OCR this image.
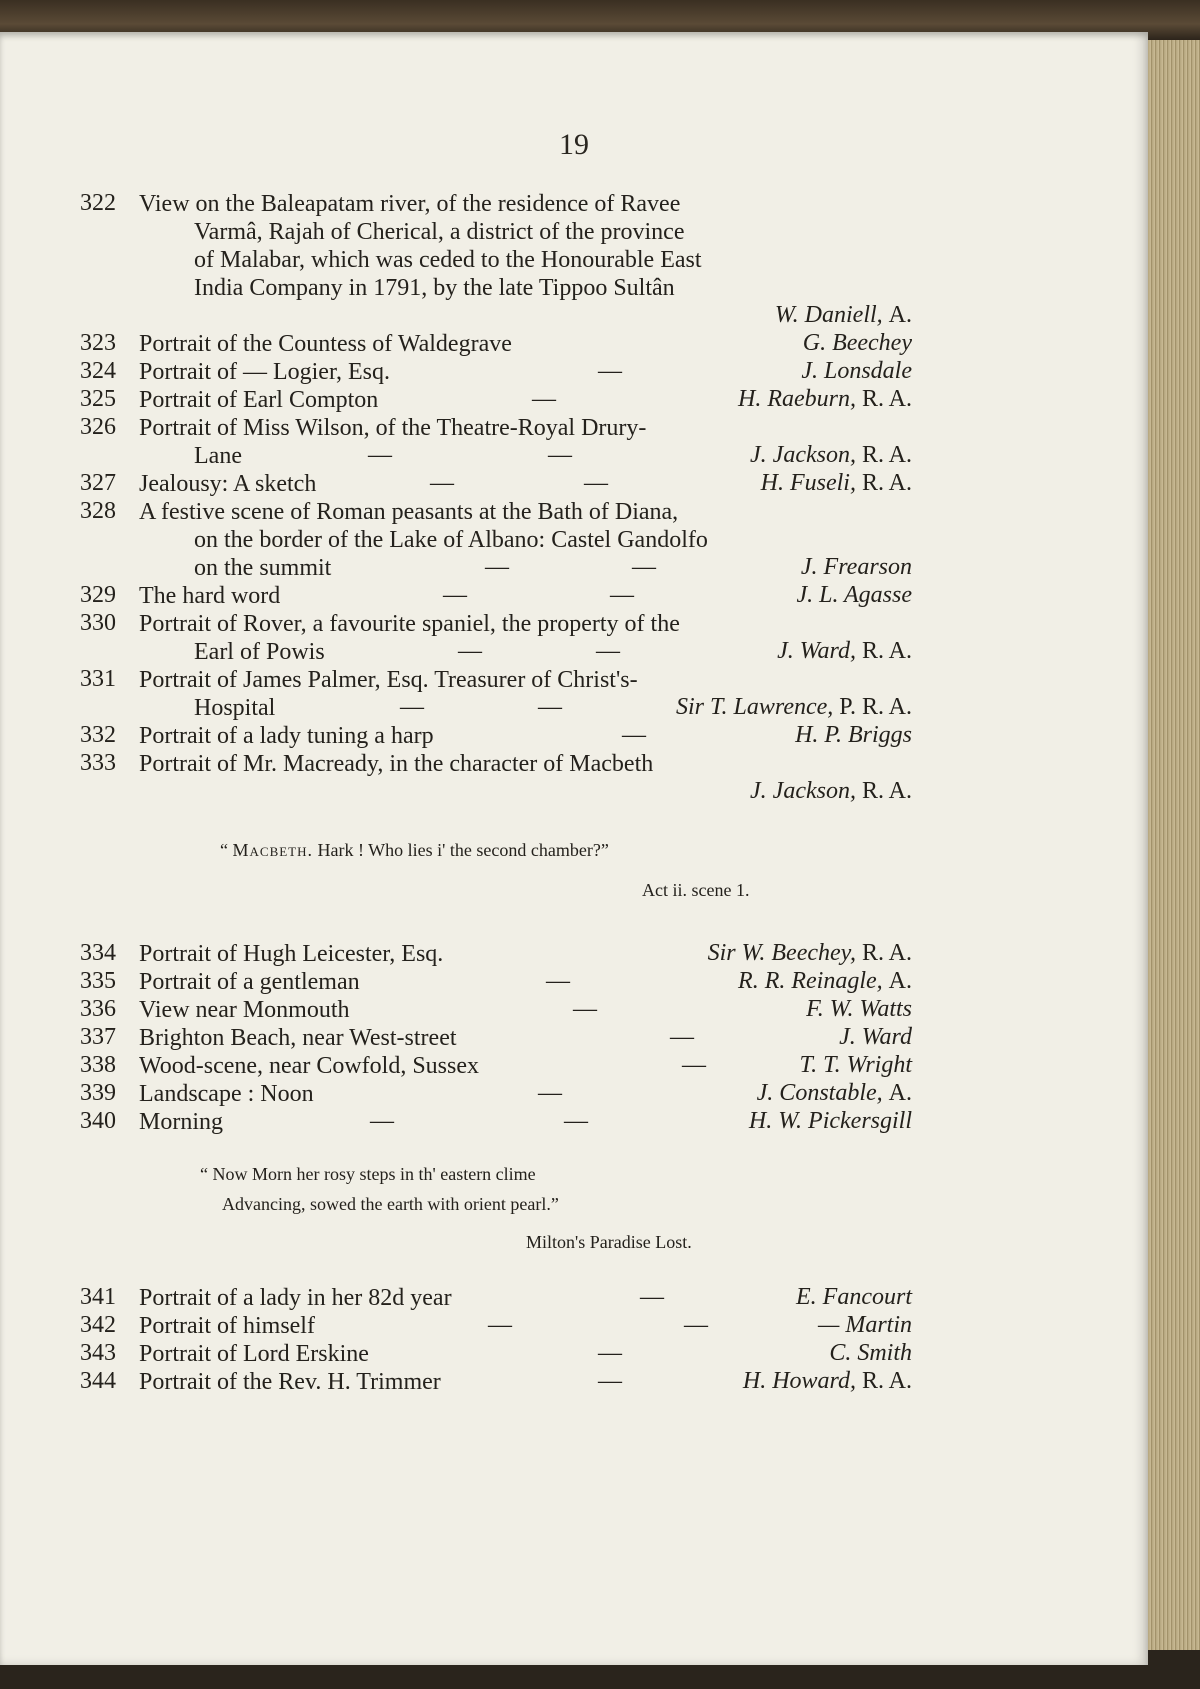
19
322 View on the Baleapatam river, of the residence of Ravee
Varmâ, Rajah of Cherical, a district of the province
of Malabar, which was ceded to the Honourable East
India Company in 1791, by the late Tippoo Sultân
W. Daniell, A.
323 Portrait of the Countess of Waldegrave	G. Beechey
324 Portrait of — Logier, Esq.	—	J. Lonsdale
325 Portrait of Earl Compton	—	H. Raeburn, R. A.
326 Portrait of Miss Wilson, of the Theatre-Royal Drury-
Lane	—	—	J. Jackson, R. A.
327 Jealousy: A sketch	—	—	H. Fuseli, R. A.
328 A festive scene of Roman peasants at the Bath of Diana,
on the border of the Lake of Albano: Castel Gandolfo
on the summit	—	—	J. Frearson
329 The hard word	—	—	J. L. Agasse
330 Portrait of Rover, a favourite spaniel, the property of the
Earl of Powis	—	—	J. Ward, R. A.
331 Portrait of James Palmer, Esq. Treasurer of Christ's-
Hospital	—	—	Sir T. Lawrence, P. R. A.
332 Portrait of a lady tuning a harp	—	H. P. Briggs
333 Portrait of Mr. Macready, in the character of Macbeth
J. Jackson, R. A.
“ Macbeth. Hark ! Who lies i' the second chamber?”
Act ii. scene 1.
334 Portrait of Hugh Leicester, Esq.	Sir W. Beechey, R. A.
335 Portrait of a gentleman	—	R. R. Reinagle, A.
336 View near Monmouth	—	F. W. Watts
337 Brighton Beach, near West-street	—	J. Ward
338 Wood-scene, near Cowfold, Sussex	—	T. T. Wright
339 Landscape : Noon	—	J. Constable, A.
340 Morning	—	—	H. W. Pickersgill
“ Now Morn her rosy steps in th' eastern clime
Advancing, sowed the earth with orient pearl.”
Milton's Paradise Lost.
341 Portrait of a lady in her 82d year	—	E. Fancourt
342 Portrait of himself	—	—	— Martin
343 Portrait of Lord Erskine	—	C. Smith
344 Portrait of the Rev. H. Trimmer	—	H. Howard, R. A.
